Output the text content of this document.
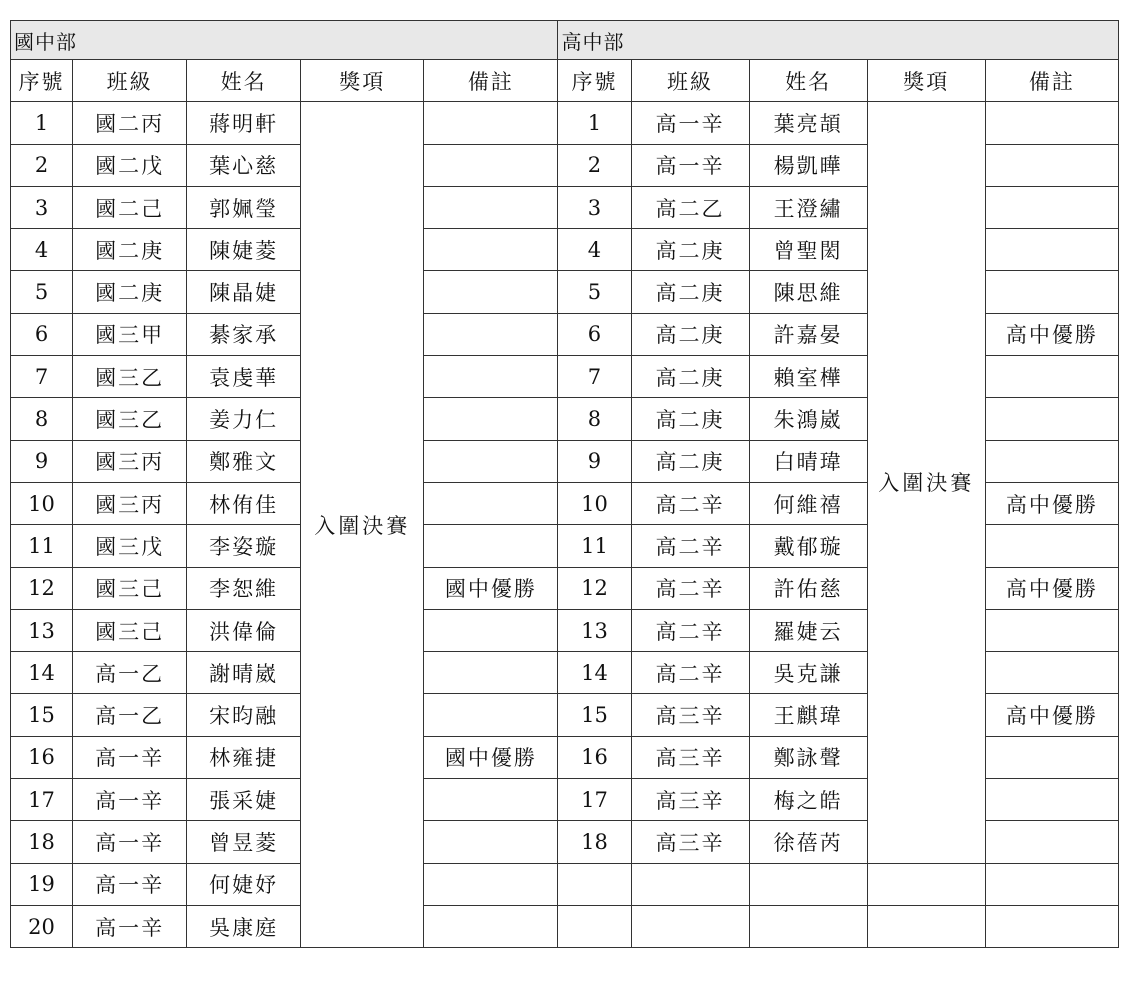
國中部					高中部				
序號	班級	姓名	獎項	備註	序號	班級	姓名	獎項	備註
1	國二丙	蔣明軒	入圍決賽		1	高一辛	葉亮頡	入圍決賽	
2	國二戊	葉心慈			2	高一辛	楊凱曄		
3	國二己	郭姵瑩			3	高二乙	王澄繡		
4	國二庚	陳婕菱			4	高二庚	曾聖閎		
5	國二庚	陳晶婕			5	高二庚	陳思維		
6	國三甲	綦家承			6	高二庚	許嘉晏		高中優勝
7	國三乙	袁虔華			7	高二庚	賴室樺		
8	國三乙	姜力仁			8	高二庚	朱鴻崴		
9	國三丙	鄭雅文			9	高二庚	白晴瑋		
10	國三丙	林侑佳			10	高二辛	何維禧		高中優勝
11	國三戊	李姿璇			11	高二辛	戴郁璇		
12	國三己	李恕維		國中優勝	12	高二辛	許佑慈		高中優勝
13	國三己	洪偉倫			13	高二辛	羅婕云		
14	高一乙	謝晴崴			14	高二辛	吳克謙		
15	高一乙	宋昀融			15	高三辛	王麒瑋		高中優勝
16	高一辛	林雍捷		國中優勝	16	高三辛	鄭詠聲		
17	高一辛	張采婕			17	高三辛	梅之皓		
18	高一辛	曾昱菱			18	高三辛	徐蓓芮		
19	高一辛	何婕妤							
20	高一辛	吳康庭							
